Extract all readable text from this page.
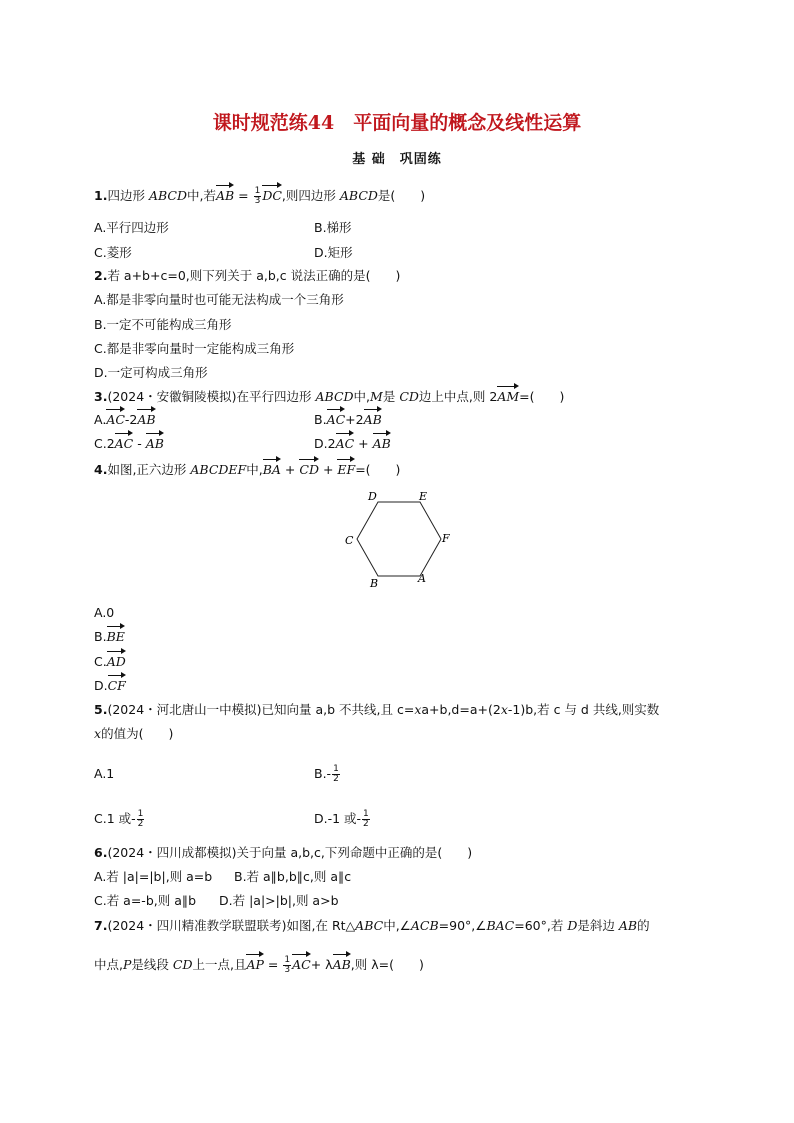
课时规范练44　平面向量的概念及线性运算
基 础　巩固练
1.四边形 ABCD中,若AB = $\frac{1}{3}$ DC,则四边形 ABCD是(　　)
A.平行四边形	B.梯形
C.菱形	D.矩形
2.若 a+b+c=0,则下列关于 a,b,c 说法正确的是(　　)
A.都是非零向量时也可能无法构成一个三角形
B.一定不可能构成三角形
C.都是非零向量时一定能构成三角形
D.一定可构成三角形
3.(2024・安徽铜陵模拟)在平行四边形 ABCD中,M是 CD边上中点,则 2AM=(　　)
A.AC-2AB	B.AC+2AB
C.2AC - AB	D.2AC + AB
4.如图,正六边形 ABCDEF中,BA + CD + EF=(　　)
D	E
C	F
B	A
A.0
B.BE
C.AD
D.CF
5.(2024・河北唐山一中模拟)已知向量 a,b 不共线,且 c=xa+b,d=a+(2x-1)b,若 c 与 d 共线,则实数
x的值为(　　)
A.1	$B.- \frac{1}{2}$
C.1 或- $\frac{1}{2}$	D.-1 或- $\frac{1}{2}$
6.(2024・四川成都模拟)关于向量 a,b,c,下列命题中正确的是(　　)
A.若 |a|=|b|,则 a=b B.若 a∥b,b∥c,则 a∥c
C.若 a=-b,则 a∥b D.若 |a|>|b|,则 a>b
7.(2024・四川精准教学联盟联考)如图,在 Rt△ABC中,∠ACB=90°,∠BAC=60°,若 D是斜边 AB的
中点,P是线段 CD上一点,且AP = $\frac{1}{3} AC+ \lambda AB$,则 λ=(　　)
